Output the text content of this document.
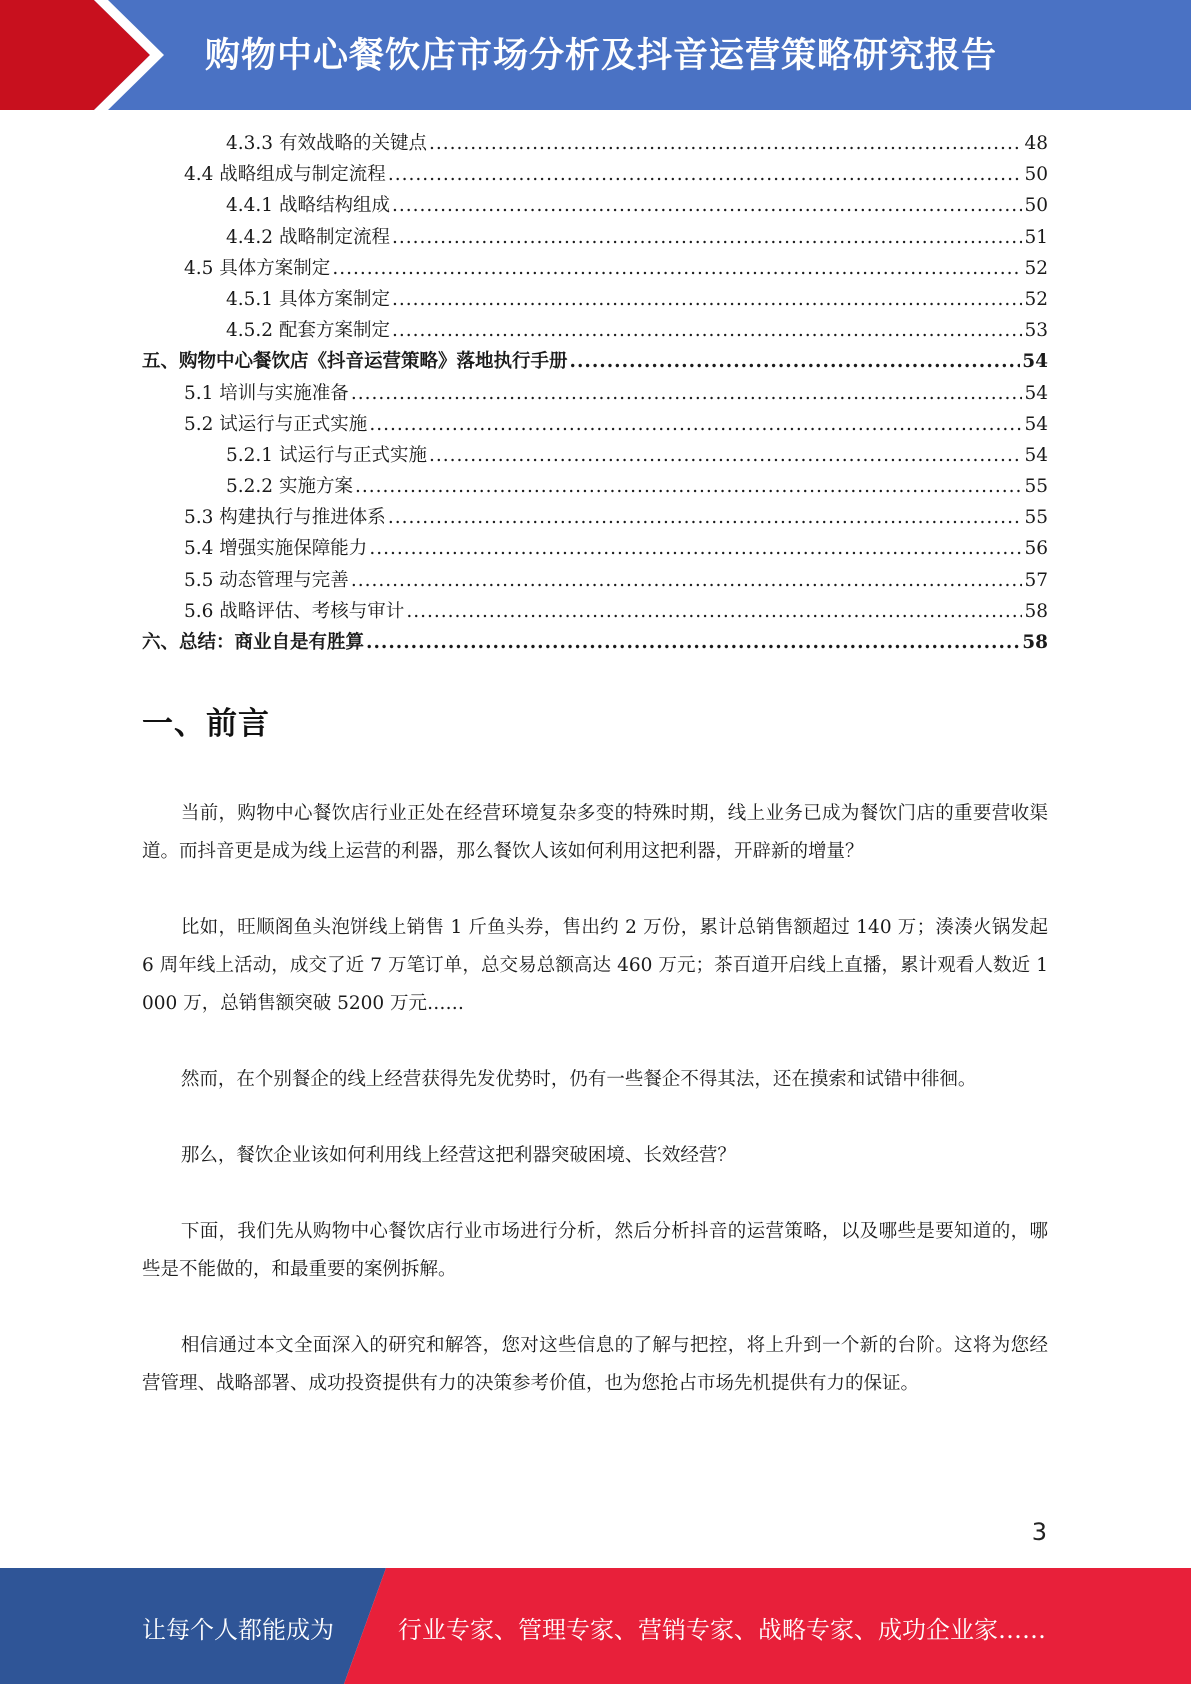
购物中心餐饮店市场分析及抖音运营策略研究报告
4.3.3 有效战略的关键点 .....	48
4.4 战略组成与制定流程 .....	50
4.4.1 战略结构组成 .....	50
4.4.2 战略制定流程 .....	51
4.5 具体方案制定 .....	52
4.5.1 具体方案制定 .....	52
4.5.2 配套方案制定 .....	53
五、购物中心餐饮店《抖音运营策略》落地执行手册 .....	54
5.1 培训与实施准备 .....	54
5.2 试运行与正式实施 .....	54
5.2.1 试运行与正式实施 .....	54
5.2.2 实施方案 .....	55
5.3 构建执行与推进体系 .....	55
5.4 增强实施保障能力 .....	56
5.5 动态管理与完善 .....	57
5.6 战略评估、考核与审计 .....	58
六、总结：商业自是有胜算 .....	58
一、前言

当前，购物中心餐饮店行业正处在经营环境复杂多变的特殊时期，线上业务已成为餐饮门店的重要营收渠道。而抖音更是成为线上运营的利器，那么餐饮人该如何利用这把利器，开辟新的增量？

比如，旺顺阁鱼头泡饼线上销售 1 斤鱼头券，售出约 2 万份，累计总销售额超过 140 万；湊湊火锅发起 6 周年线上活动，成交了近 7 万笔订单，总交易总额高达 460 万元；茶百道开启线上直播，累计观看人数近 1000 万，总销售额突破 5200 万元……

然而，在个别餐企的线上经营获得先发优势时，仍有一些餐企不得其法，还在摸索和试错中徘徊。

那么，餐饮企业该如何利用线上经营这把利器突破困境、长效经营？

下面，我们先从购物中心餐饮店行业市场进行分析，然后分析抖音的运营策略，以及哪些是要知道的，哪些是不能做的，和最重要的案例拆解。

相信通过本文全面深入的研究和解答，您对这些信息的了解与把控，将上升到一个新的台阶。这将为您经营管理、战略部署、成功投资提供有力的决策参考价值，也为您抢占市场先机提供有力的保证。

3
让每个人都能成为	行业专家、管理专家、营销专家、战略专家、成功企业家……
